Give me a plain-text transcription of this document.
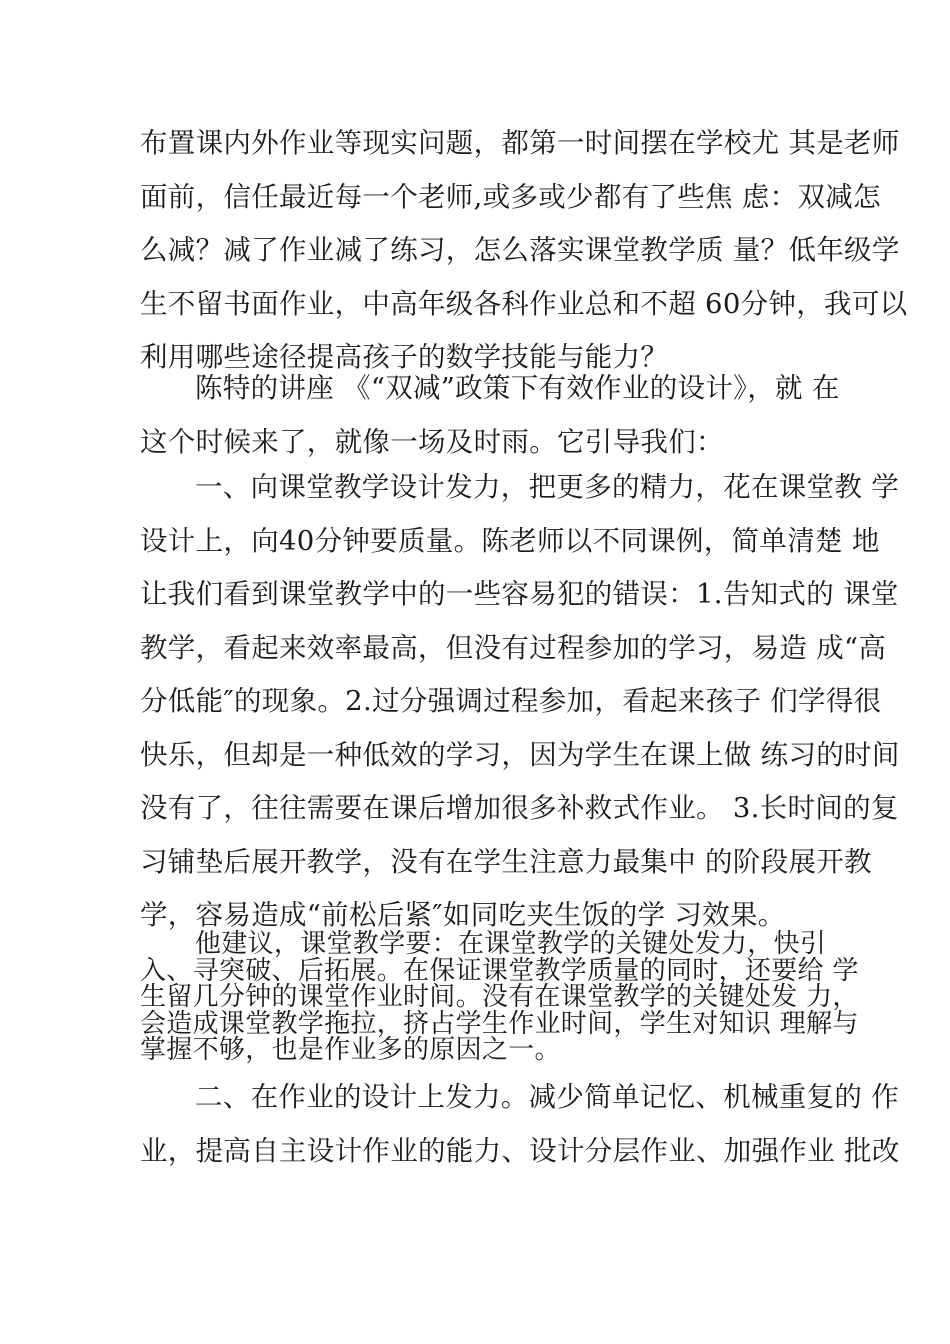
布置课内外作业等现实问题，都第一时间摆在学校尤 其是老师
面前，信任最近每一个老师,或多或少都有了些焦 虑：双减怎
么减？减了作业减了练习，怎么落实课堂教学质 量？低年级学
生不留书面作业，中高年级各科作业总和不超 60分钟，我可以
利用哪些途径提高孩子的数学技能与能力？
陈特的讲座 《“双减”政策下有效作业的设计》，就 在
这个时候来了，就像一场及时雨。它引导我们：
一、向课堂教学设计发力，把更多的精力，花在课堂教 学
设计上，向40分钟要质量。陈老师以不同课例，简单清楚 地
让我们看到课堂教学中的一些容易犯的错误：1.告知式的 课堂
教学，看起来效率最高，但没有过程参加的学习，易造 成“高
分低能″的现象。2.过分强调过程参加，看起来孩子 们学得很
快乐，但却是一种低效的学习，因为学生在课上做 练习的时间
没有了，往往需要在课后增加很多补救式作业。 3.长时间的复
习铺垫后展开教学，没有在学生注意力最集中 的阶段展开教
学，容易造成“前松后紧″如同吃夹生饭的学 习效果。
他建议，课堂教学要：在课堂教学的关键处发力，快引
入、寻突破、后拓展。在保证课堂教学质量的同时，还要给 学
生留几分钟的课堂作业时间。没有在课堂教学的关键处发 力，
会造成课堂教学拖拉，挤占学生作业时间，学生对知识 理解与
掌握不够，也是作业多的原因之一。
二、在作业的设计上发力。减少简单记忆、机械重复的 作
业，提高自主设计作业的能力、设计分层作业、加强作业 批改
